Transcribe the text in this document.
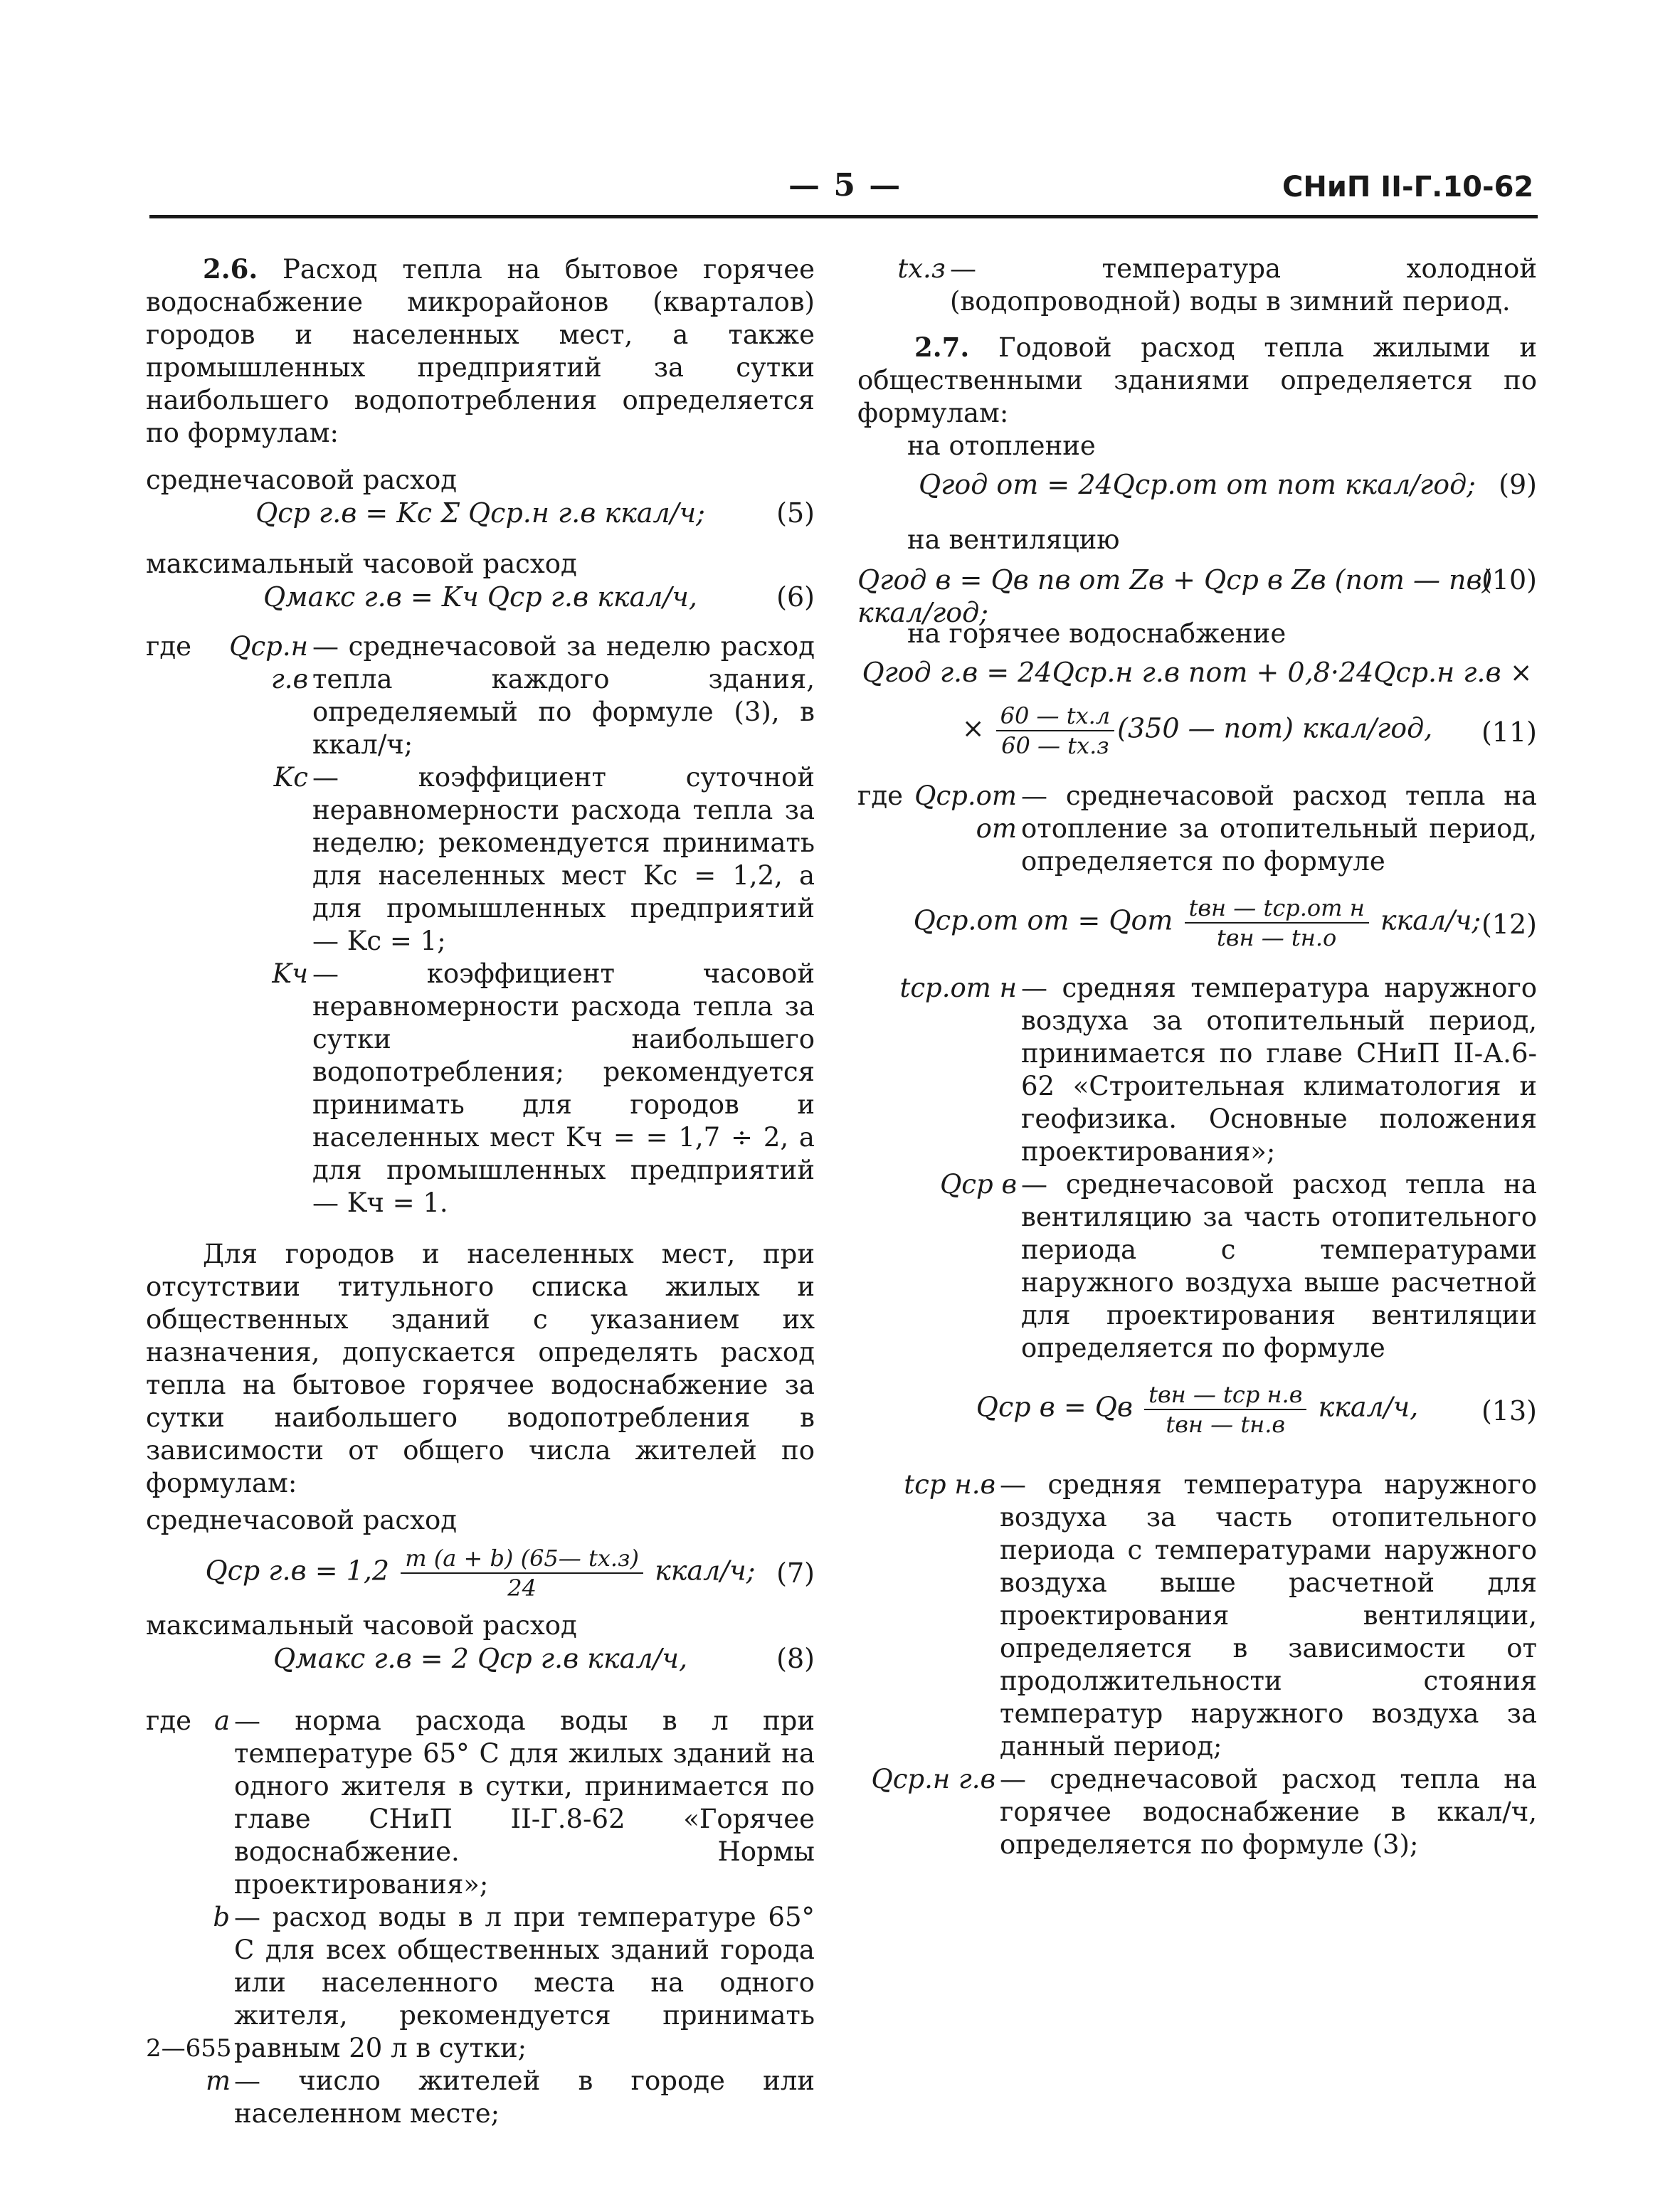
— 5 —	СНиП II-Г.10-62

2.6. Расход тепла на бытовое горячее водоснабжение микрорайонов (кварталов) городов и населенных мест, а также промышленных предприятий за сутки наибольшего водопотребления определяется по формулам:

среднечасовой расход

Qср г.в = Kс Σ Qср.н г.в ккал/ч;	(5)

максимальный часовой расход

Qмакс г.в = Kч Qср г.в ккал/ч,	(6)
где	Qср.н г.в
— среднечасовой за неделю расход тепла каждого здания, определяемый по формуле (3), в ккал/ч;
Kс — коэффициент суточной неравномерности расхода тепла за неделю; рекомендуется принимать для населенных мест Kс = 1,2, а для промышленных предприятий — Kс = 1;
Kч — коэффициент часовой неравномерности расхода тепла за сутки наибольшего водопотребления; рекомендуется принимать для городов и населенных мест Kч = = 1,7 ÷ 2, а для промышленных предприятий — Kч = 1.

Для городов и населенных мест, при отсутствии титульного списка жилых и общественных зданий с указанием их назначения, допускается определять расход тепла на бытовое горячее водоснабжение за сутки наибольшего водопотребления в зависимости от общего числа жителей по формулам:

среднечасовой расход

Qср $г.в = 1,2 \frac{m (a + b) (65— tх.з)}{24}$ ккал/ч; (7)

максимальный часовой расход

Qмакс г.в = 2 Qср г.в ккал/ч,	(8)
где a — норма расхода воды в л при температуре 65° С для жилых зданий на одного жителя в сутки, принимается по главе СНиП II-Г.8-62 «Горячее водоснабжение. Нормы проектирования»;
b — расход воды в л при температуре 65° С для всех общественных зданий города или населенного места на одного жителя, рекомендуется принимать равным 20 л в сутки;
m — число жителей в городе или населенном месте;
2—655
tх.з — температура холодной (водопроводной) воды в зимний период.

2.7. Годовой расход тепла жилыми и общественными зданиями определяется по формулам:

на отопление

Qгод от = 24Qср.от от nот ккал/год; (9)

на вентиляцию

Qгод в = Qв nв от Zв + Qср в Zв (nот — nв) ккал/год;
(10)

на горячее водоснабжение

Qгод г.в = 24Qср.н г.в nот + 0,8·24Qср.н г.в ×
× $\frac{60 — tх.л}{60 — tх.з} (350$ — nот) ккал/год,	(11)
где Qср.от от
— среднечасовой расход тепла на отопление за отопительный период, определяется по формуле
Qср.от от = Qот $\frac{\text{tвн — tср.от н}}{\text{tвн — tн.о}}$ ккал/ч; (12)
tср.от н — средняя температура наружного воздуха за отопительный период, принимается по главе СНиП II-А.6-62 «Строительная климатология и геофизика. Основные положения проектирования»;
Qср в — среднечасовой расход тепла на вентиляцию за часть отопительного периода с температурами наружного воздуха выше расчетной для проектирования вентиляции определяется по формуле
Qср в = Qв $\frac{\text{tвн — tср н.в}}{\text{tвн — tн.в}}$ ккал/ч,	(13)
tср н.в — средняя температура наружного воздуха за часть отопительного периода с температурами наружного воздуха выше расчетной для проектирования вентиляции, определяется в зависимости от продолжительности стояния температур наружного воздуха за данный период;
Qср.н г.в — среднечасовой расход тепла на горячее водоснабжение в ккал/ч, определяется по формуле (3);
